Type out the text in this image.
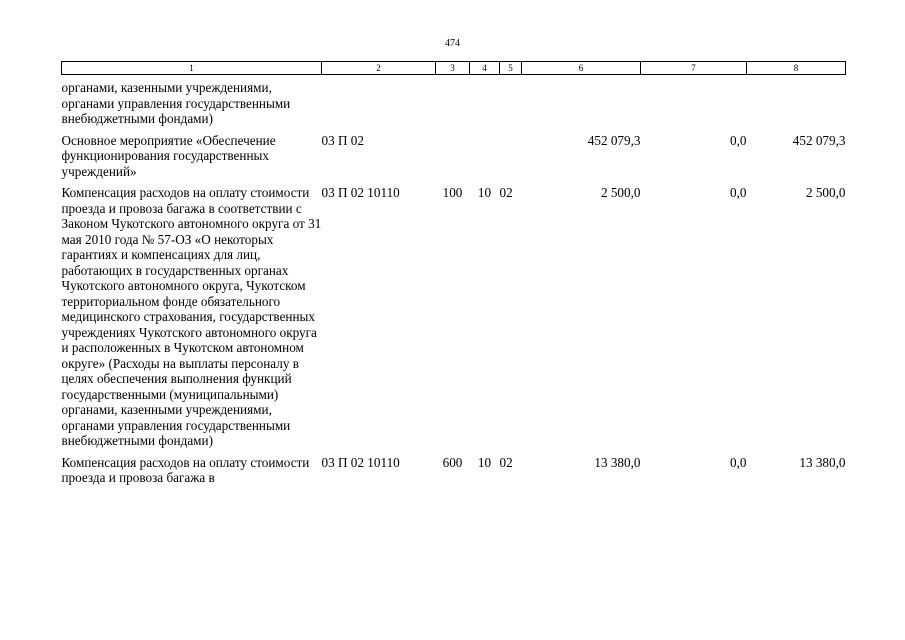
474
1	2	3	4	5	6	7	8
органами, казенными учреждениями, органами управления государственными внебюджетными фондами)							
Основное мероприятие «Обеспечение функционирования государственных учреждений»	03 П 02				452 079,3	0,0	452 079,3
Компенсация расходов на оплату стоимости проезда и провоза багажа в соответствии с Законом Чукотского автономного округа от 31 мая 2010 года № 57-ОЗ «О некоторых гарантиях и компенсациях для лиц, работающих в государственных органах Чукотского автономного округа, Чукотском территориальном фонде обязательного медицинского страхования, государственных учреждениях Чукотского автономного округа и расположенных в Чукотском автономном округе» (Расходы на выплаты персоналу в целях обеспечения выполнения функций государственными (муниципальными) органами, казенными учреждениями, органами управления государственными внебюджетными фондами)	03 П 02 10110	100	10	02	2 500,0	0,0	2 500,0
Компенсация расходов на оплату стоимости проезда и провоза багажа в	03 П 02 10110	600	10	02	13 380,0	0,0	13 380,0
